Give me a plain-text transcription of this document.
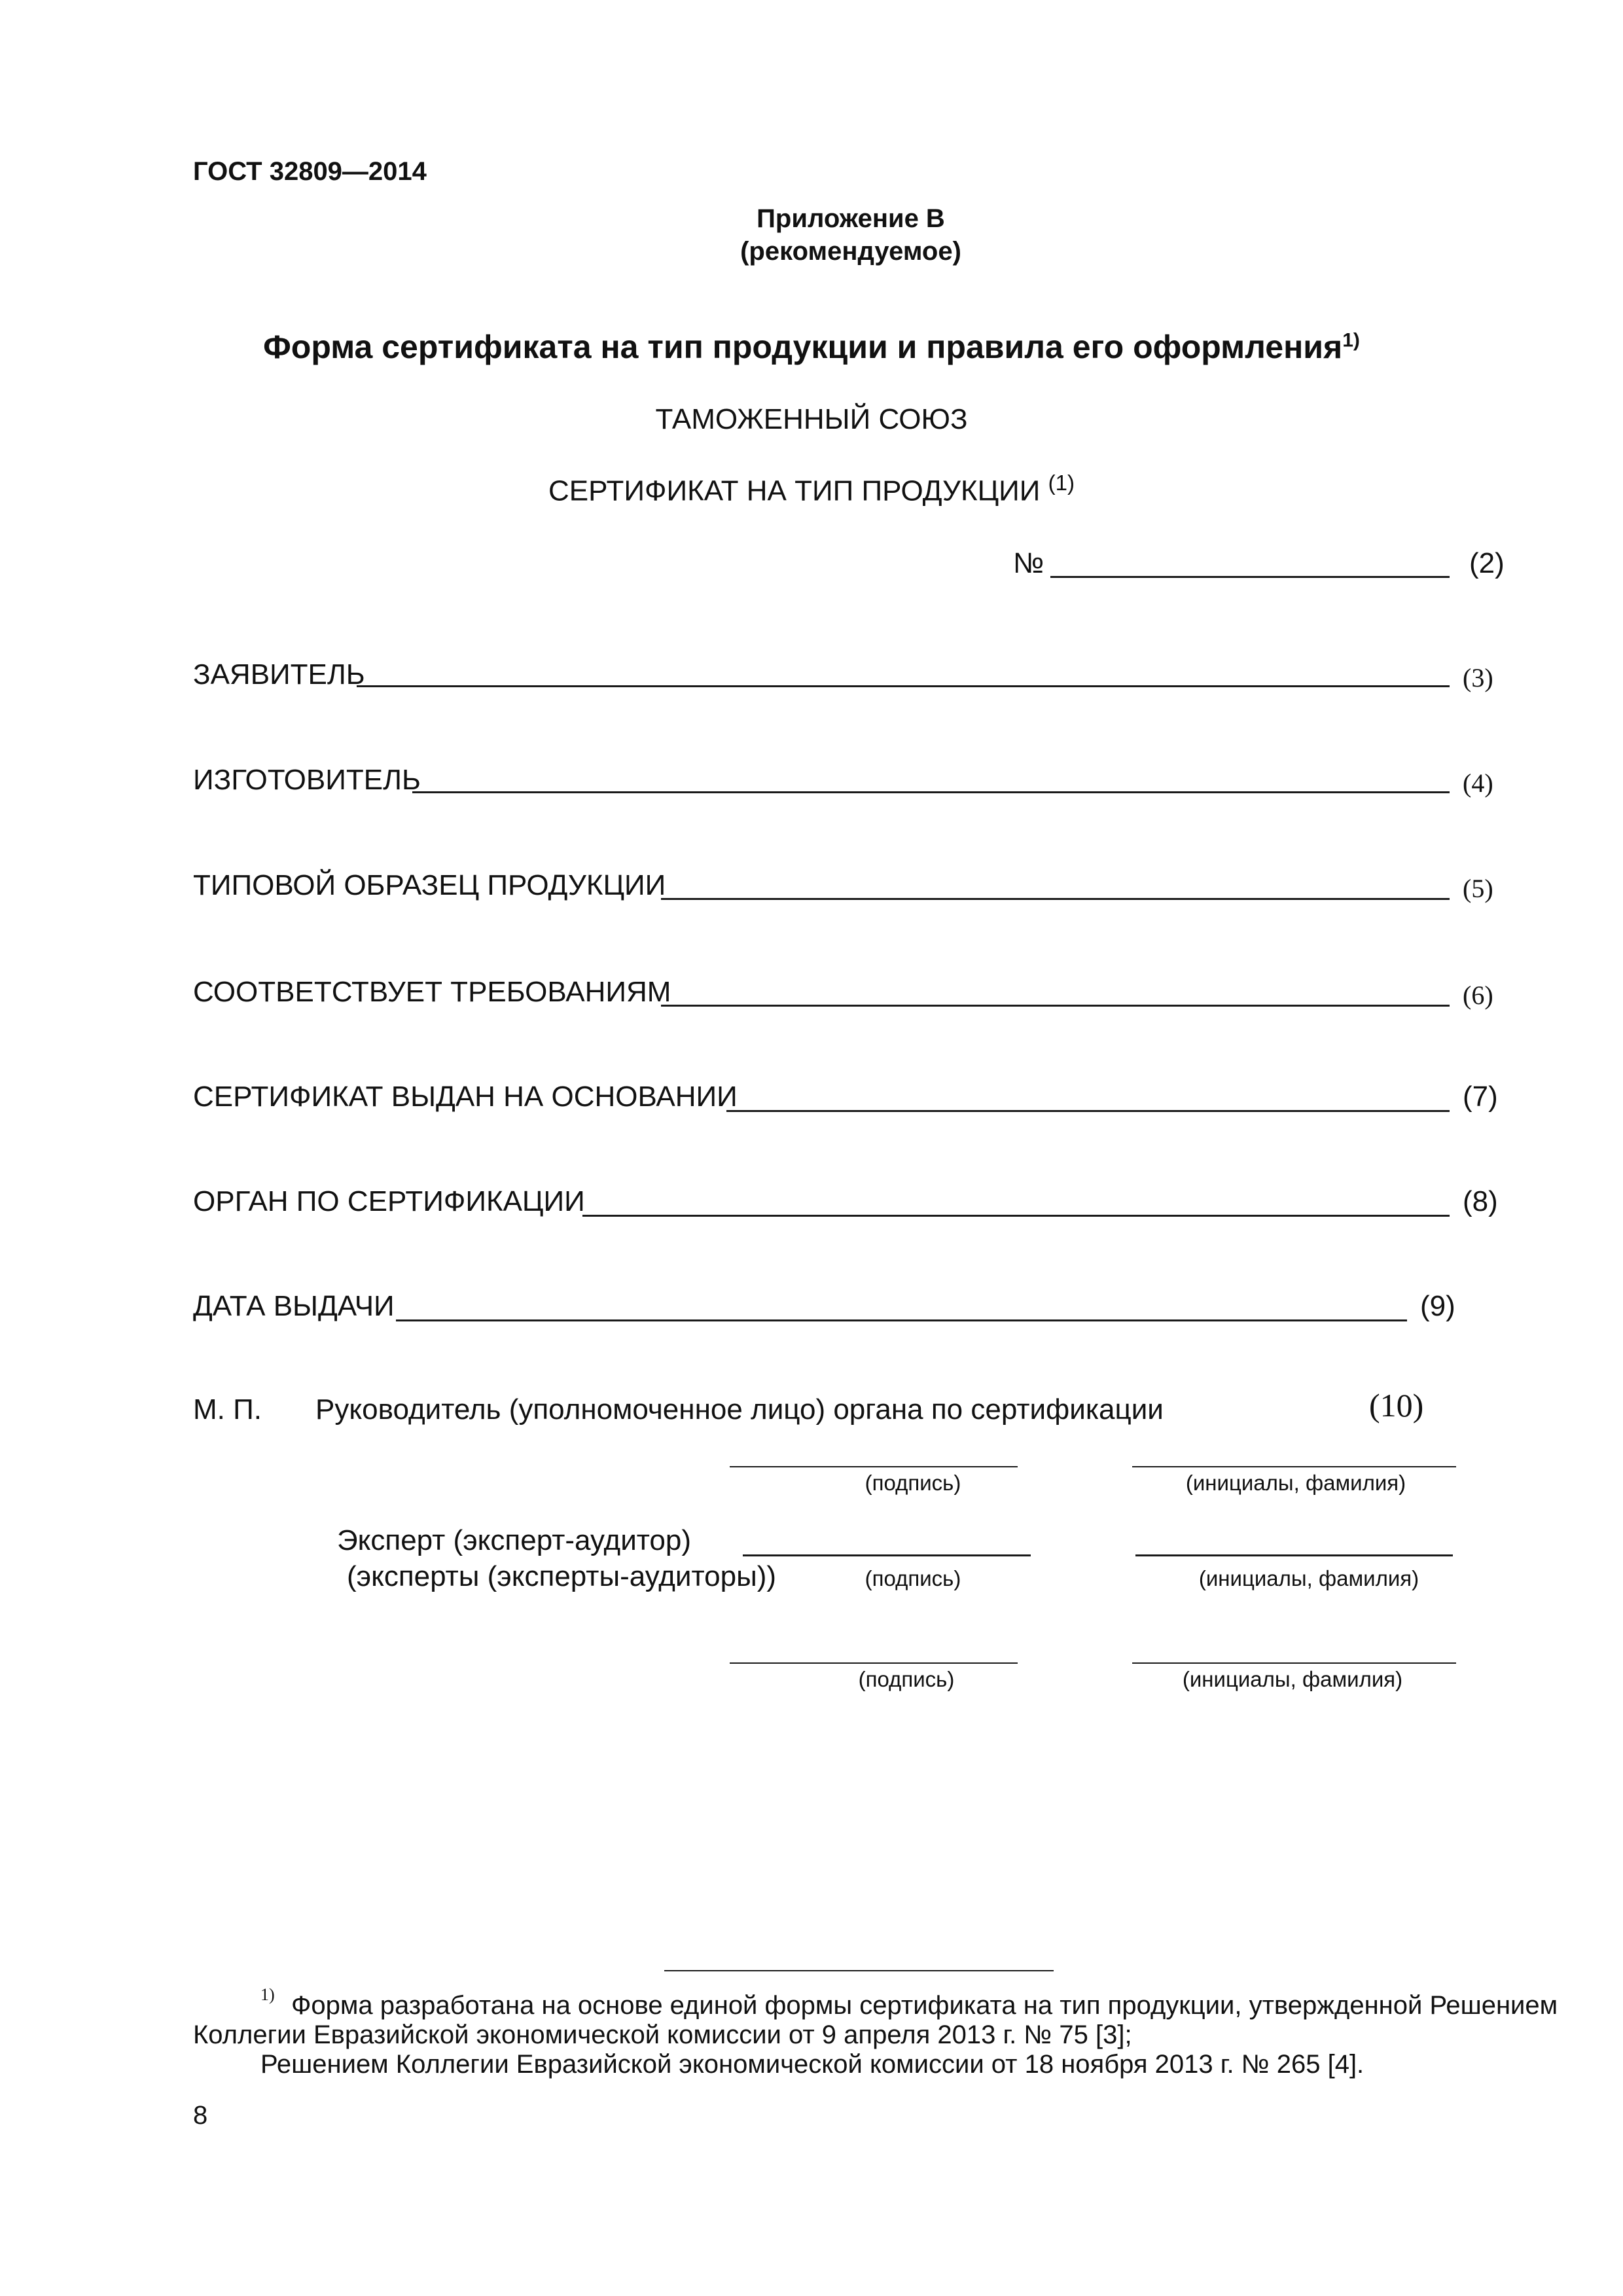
ГОСТ 32809—2014
Приложение В
(рекомендуемое)
Форма сертификата на тип продукции и правила его оформления$^{1)}$
ТАМОЖЕННЫЙ СОЮЗ
СЕРТИФИКАТ НА ТИП ПРОДУКЦИИ $^{(1)}$
№	(2)
ЗАЯВИТЕЛЬ	(3)
ИЗГОТОВИТЕЛЬ	(4)
ТИПОВОЙ ОБРАЗЕЦ ПРОДУКЦИИ	(5)
СООТВЕТСТВУЕТ ТРЕБОВАНИЯМ	(6)
СЕРТИФИКАТ ВЫДАН НА ОСНОВАНИИ	(7)
ОРГАН ПО СЕРТИФИКАЦИИ	(8)
ДАТА ВЫДАЧИ	(9)
М. П. Руководитель (уполномоченное лицо) органа по сертификации	(10)
(подпись)	(инициалы, фамилия)
Эксперт (эксперт-аудитор)
(эксперты (эксперты-аудиторы))	(подпись)	(инициалы, фамилия)
(подпись)	(инициалы, фамилия)
1) Форма разработана на основе единой формы сертификата на тип продукции, утвержденной Решением
Коллегии Евразийской экономической комиссии от 9 апреля 2013 г. № 75 [3];
Решением Коллегии Евразийской экономической комиссии от 18 ноября 2013 г. № 265 [4].
8
